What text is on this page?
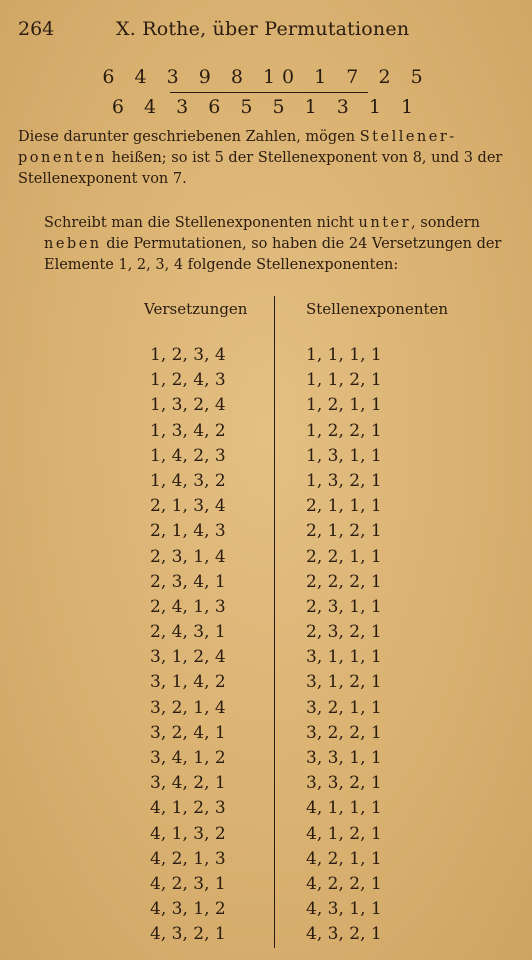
264	X. Rothe, über Permutationen
6 4 3 9 8 10 1 7 2 5
6 4 3 6 5 5 1 3 1 1

Diese darunter geschriebenen Zahlen, mögen Stellener-
ponenten heißen; so ist 5 der Stellenexponent von 8, und 3 der Stellenexponent von 7.

Schreibt man die Stellenexponenten nicht unter, sondern neben die Permutationen, so haben die 24 Versetzungen der Elemente 1, 2, 3, 4 folgende Stellenexponenten:

Versetzungen	Stellenexponenten
1, 2, 3, 4
1, 2, 4, 3
1, 3, 2, 4
1, 3, 4, 2
1, 4, 2, 3
1, 4, 3, 2
2, 1, 3, 4
2, 1, 4, 3
2, 3, 1, 4
2, 3, 4, 1
2, 4, 1, 3
2, 4, 3, 1
3, 1, 2, 4
3, 1, 4, 2
3, 2, 1, 4
3, 2, 4, 1
3, 4, 1, 2
3, 4, 2, 1
4, 1, 2, 3
4, 1, 3, 2
4, 2, 1, 3
4, 2, 3, 1
4, 3, 1, 2
4, 3, 2, 1
1, 1, 1, 1
1, 1, 2, 1
1, 2, 1, 1
1, 2, 2, 1
1, 3, 1, 1
1, 3, 2, 1
2, 1, 1, 1
2, 1, 2, 1
2, 2, 1, 1
2, 2, 2, 1
2, 3, 1, 1
2, 3, 2, 1
3, 1, 1, 1
3, 1, 2, 1
3, 2, 1, 1
3, 2, 2, 1
3, 3, 1, 1
3, 3, 2, 1
4, 1, 1, 1
4, 1, 2, 1
4, 2, 1, 1
4, 2, 2, 1
4, 3, 1, 1
4, 3, 2, 1
